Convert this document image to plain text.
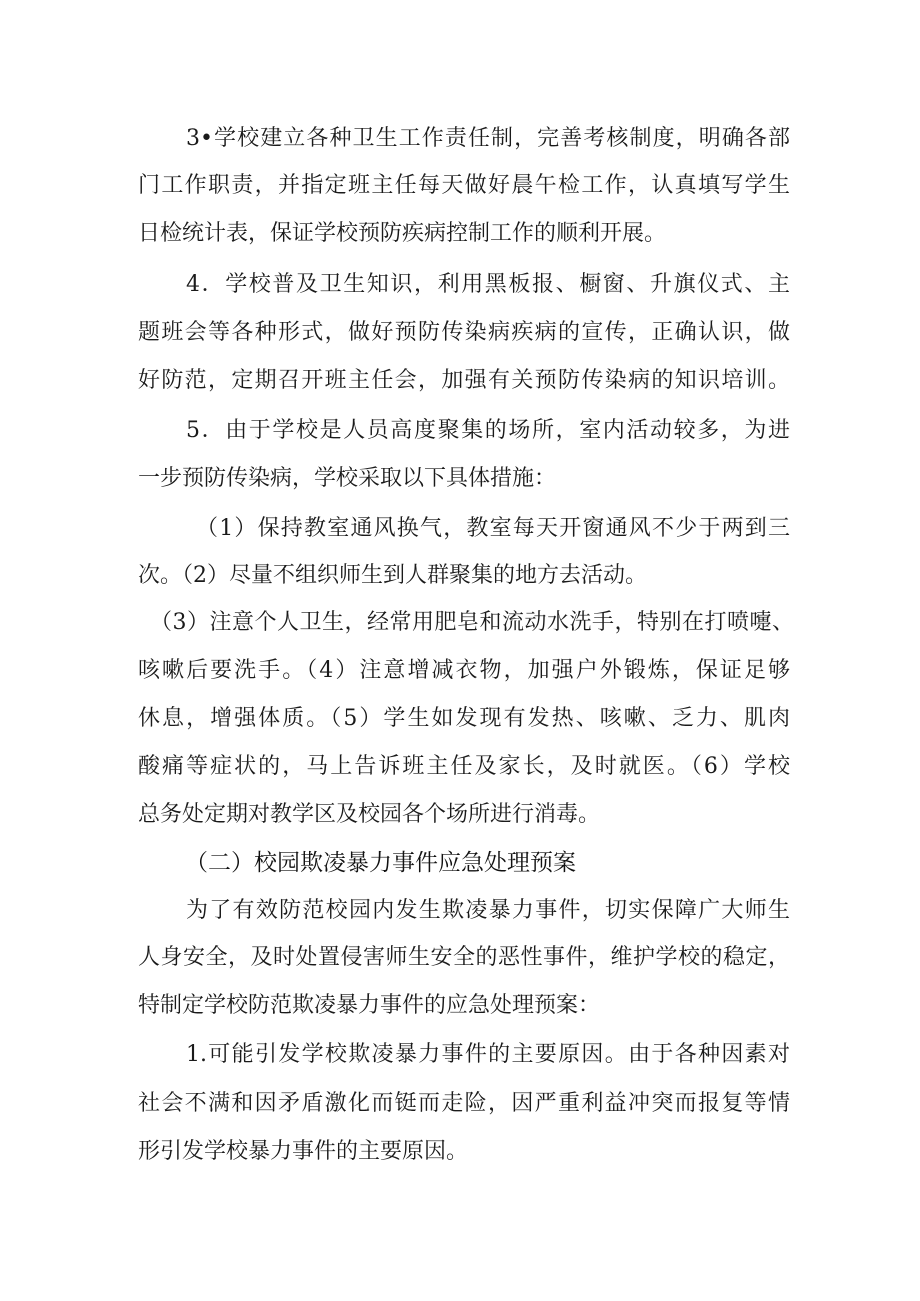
3•学校建立各种卫生工作责任制，完善考核制度，明确各部
门工作职责，并指定班主任每天做好晨午检工作，认真填写学生
日检统计表，保证学校预防疾病控制工作的顺利开展。
4．学校普及卫生知识，利用黑板报、橱窗、升旗仪式、主
题班会等各种形式，做好预防传染病疾病的宣传，正确认识，做
好防范，定期召开班主任会，加强有关预防传染病的知识培训。
5．由于学校是人员高度聚集的场所，室内活动较多，为进
一步预防传染病，学校采取以下具体措施：
（1）保持教室通风换气，教室每天开窗通风不少于两到三
次。（2）尽量不组织师生到人群聚集的地方去活动。
（3）注意个人卫生，经常用肥皂和流动水洗手，特别在打喷嚏、
咳嗽后要洗手。（4）注意增减衣物，加强户外锻炼，保证足够
休息，增强体质。（5）学生如发现有发热、咳嗽、乏力、肌肉
酸痛等症状的，马上告诉班主任及家长，及时就医。（6）学校
总务处定期对教学区及校园各个场所进行消毒。
（二）校园欺凌暴力事件应急处理预案
为了有效防范校园内发生欺凌暴力事件，切实保障广大师生
人身安全，及时处置侵害师生安全的恶性事件，维护学校的稳定，
特制定学校防范欺凌暴力事件的应急处理预案：
1.可能引发学校欺凌暴力事件的主要原因。由于各种因素对
社会不满和因矛盾激化而铤而走险，因严重利益冲突而报复等情
形引发学校暴力事件的主要原因。
